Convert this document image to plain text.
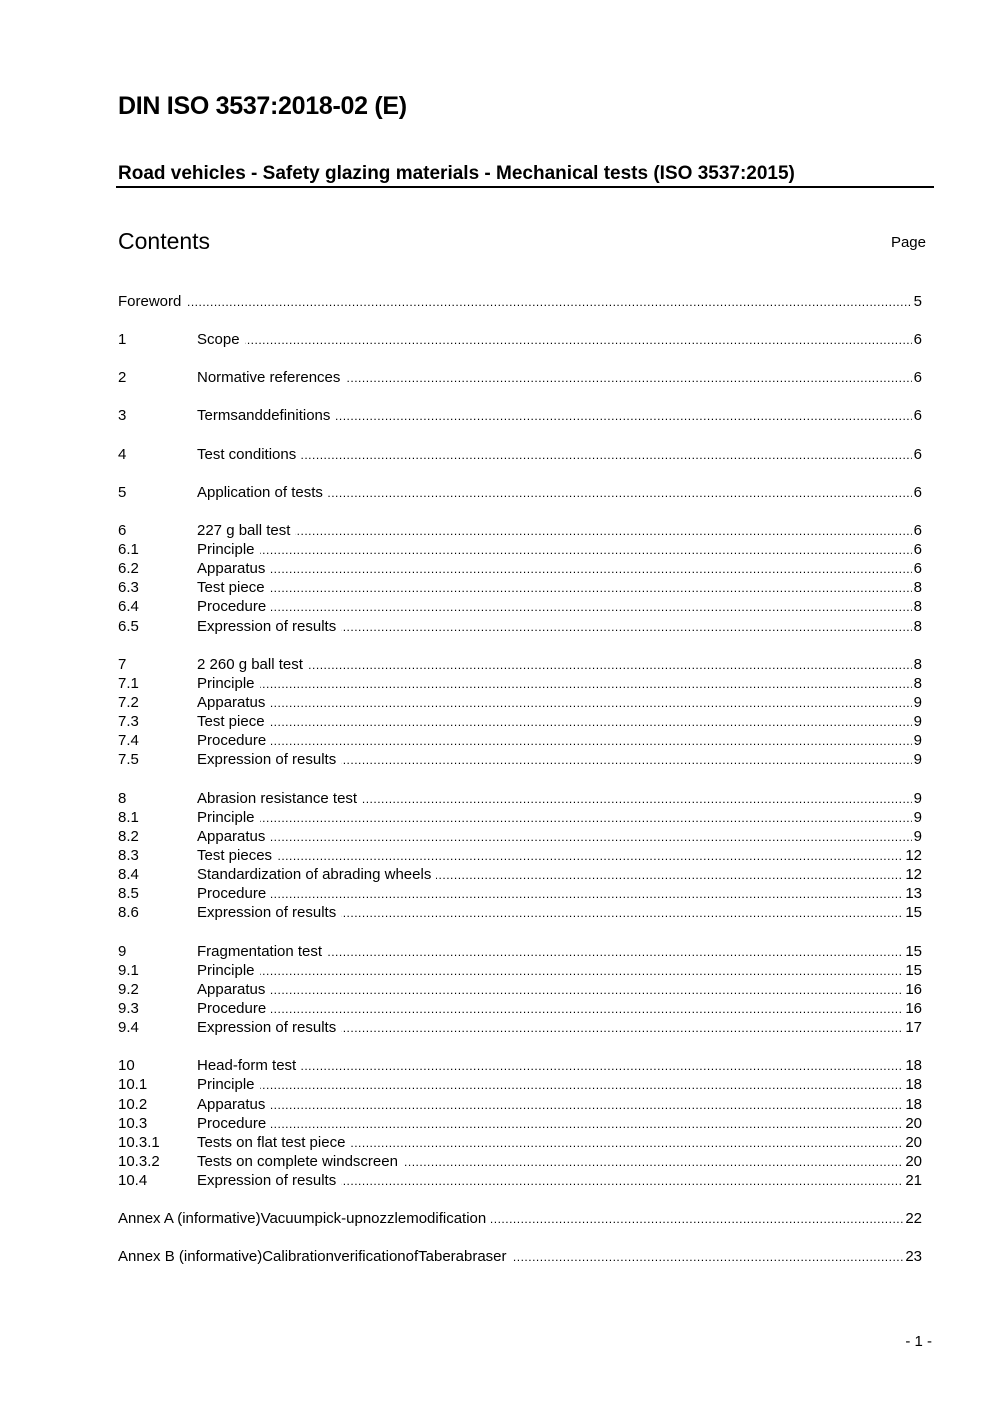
DIN ISO 3537:2018-02 (E)
Road vehicles - Safety glazing materials - Mechanical tests (ISO 3537:2015)
Contents	Page
.....
Foreword	5
1 .....	Scope	6
2 .....	Normative references	6
3 .....	Termsanddefinitions	6
4 .....	Test conditions	6
5 .....	Application of tests	6
6 .....	227 g ball test	6
6.1 .....	Principle	6
6.2 .....	Apparatus	6
6.3 .....	Test piece	8
6.4 .....	Procedure	8
6.5 .....	Expression of results	8
7 .....	2 260 g ball test	8
7.1 .....	Principle	8
7.2 .....	Apparatus	9
7.3 .....	Test piece	9
7.4 .....	Procedure	9
7.5 .....	Expression of results	9
8 .....	Abrasion resistance test	9
8.1 .....	Principle	9
8.2 .....	Apparatus	9
8.3 .....	Test pieces	12
8.4 .....	Standardization of abrading wheels	12
8.5 .....	Procedure	13
8.6 .....	Expression of results	15
9 .....	Fragmentation test	15
9.1 .....	Principle	15
9.2 .....	Apparatus	16
9.3 .....	Procedure	16
9.4 .....	Expression of results	17
10 .....	Head-form test	18
10.1 .....	Principle	18
10.2 .....	Apparatus	18
10.3 .....	Procedure	20
10.3.1 .....	Tests on flat test piece	20
10.3.2 .....	Tests on complete windscreen	20
10.4 .....	Expression of results	21
.....
Annex A (informative)Vacuumpick-upnozzlemodification	22
.....
Annex B (informative)CalibrationverificationofTaberabraser	23
- 1 -
